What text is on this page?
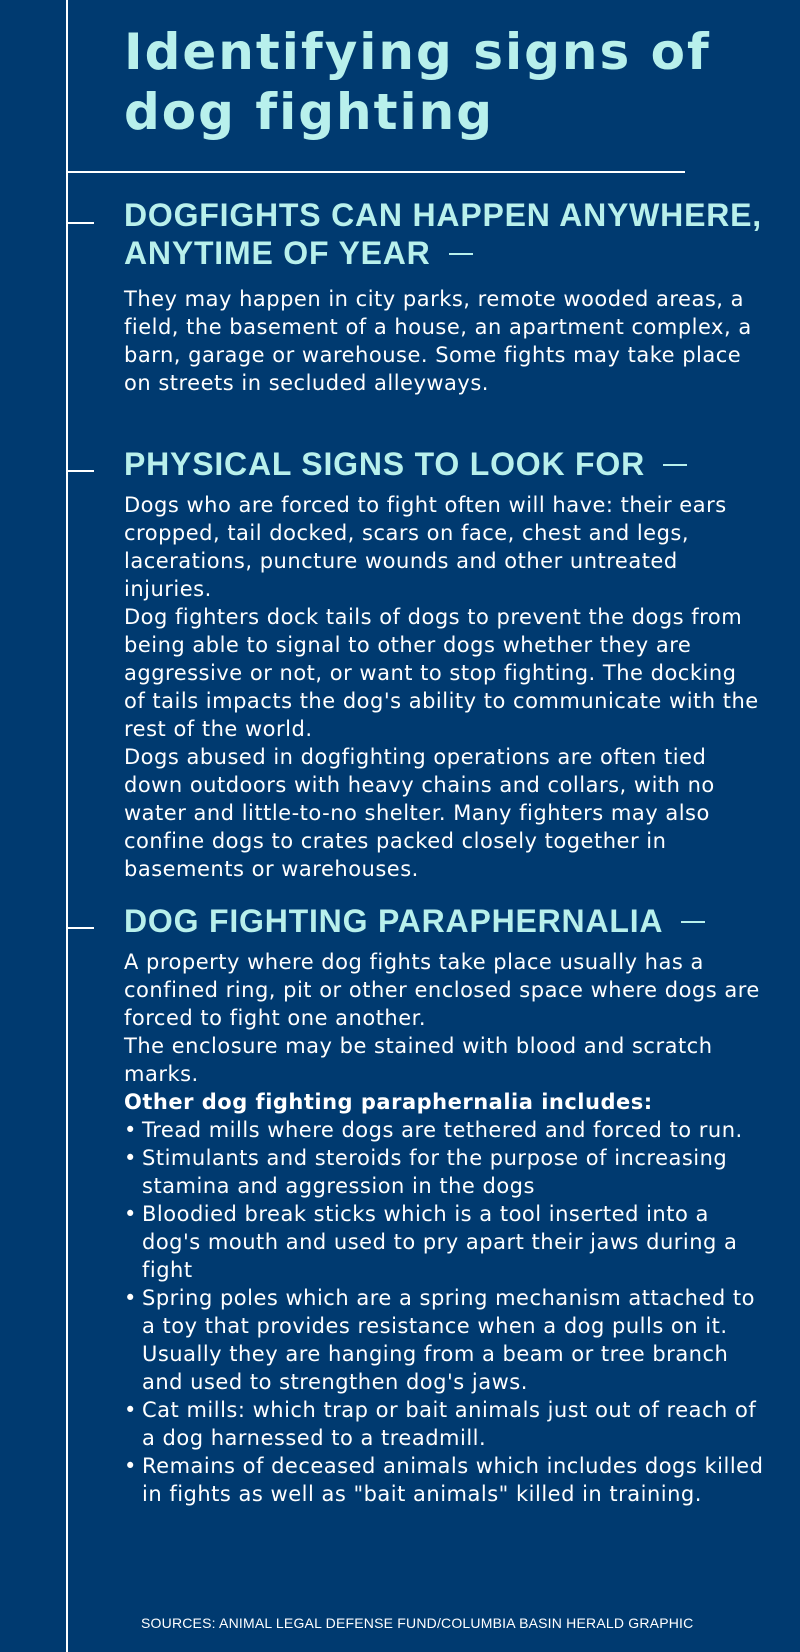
Identifying signs of dog fighting
DOGFIGHTS CAN HAPPEN ANYWHERE, ANYTIME OF YEAR

They may happen in city parks, remote wooded areas, a field, the basement of a house, an apartment complex, a barn, garage or warehouse. Some fights may take place on streets in secluded alleyways.

PHYSICAL SIGNS TO LOOK FOR

Dogs who are forced to fight often will have: their ears cropped, tail docked, scars on face, chest and legs, lacerations, puncture wounds and other untreated injuries.

Dog fighters dock tails of dogs to prevent the dogs from being able to signal to other dogs whether they are aggressive or not, or want to stop fighting. The docking of tails impacts the dog's ability to communicate with the rest of the world.

Dogs abused in dogfighting operations are often tied down outdoors with heavy chains and collars, with no water and little-to-no shelter. Many fighters may also confine dogs to crates packed closely together in basements or warehouses.

DOG FIGHTING PARAPHERNALIA

A property where dog fights take place usually has a confined ring, pit or other enclosed space where dogs are forced to fight one another.

The enclosure may be stained with blood and scratch marks.

Other dog fighting paraphernalia includes:

• Tread mills where dogs are tethered and forced to run.
• Stimulants and steroids for the purpose of increasing stamina and aggression in the dogs
• Bloodied break sticks which is a tool inserted into a dog's mouth and used to pry apart their jaws during a fight
• Spring poles which are a spring mechanism attached to a toy that provides resistance when a dog pulls on it. Usually they are hanging from a beam or tree branch and used to strengthen dog's jaws.
• Cat mills: which trap or bait animals just out of reach of a dog harnessed to a treadmill.
• Remains of deceased animals which includes dogs killed in fights as well as "bait animals" killed in training.
SOURCES: ANIMAL LEGAL DEFENSE FUND/COLUMBIA BASIN HERALD GRAPHIC
